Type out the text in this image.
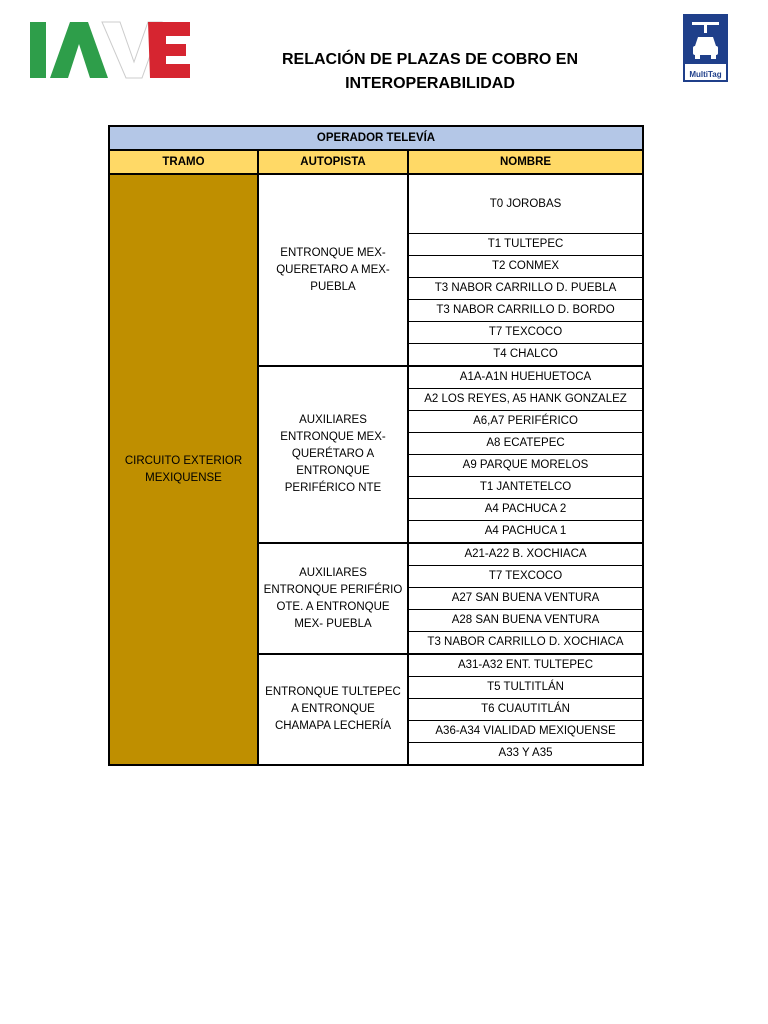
RELACIÓN DE PLAZAS DE COBRO EN
INTEROPERABILIDAD
MultiTag
OPERADOR TELEVÍA		
TRAMO	AUTOPISTA	NOMBRE
CIRCUITO EXTERIOR MEXIQUENSE	ENTRONQUE MEX-QUERETARO A MEX-PUEBLA	T0 JOROBAS
		T1 TULTEPEC
		T2 CONMEX
		T3 NABOR CARRILLO D. PUEBLA
		T3 NABOR CARRILLO D. BORDO
		T7 TEXCOCO
		T4 CHALCO
	AUXILIARES ENTRONQUE MEX-QUERÉTARO A ENTRONQUE PERIFÉRICO NTE	A1A-A1N HUEHUETOCA
		A2 LOS REYES, A5 HANK GONZALEZ
		A6,A7 PERIFÉRICO
		A8 ECATEPEC
		A9 PARQUE MORELOS
		T1 JANTETELCO
		A4 PACHUCA 2
		A4 PACHUCA 1
	AUXILIARES ENTRONQUE PERIFÉRIO OTE. A ENTRONQUE MEX- PUEBLA	A21-A22 B. XOCHIACA
		T7 TEXCOCO
		A27 SAN BUENA VENTURA
		A28 SAN BUENA VENTURA
		T3 NABOR CARRILLO D. XOCHIACA
	ENTRONQUE TULTEPEC A ENTRONQUE CHAMAPA LECHERÍA	A31-A32 ENT. TULTEPEC
		T5 TULTITLÁN
		T6 CUAUTITLÁN
		A36-A34 VIALIDAD MEXIQUENSE
		A33 Y A35
